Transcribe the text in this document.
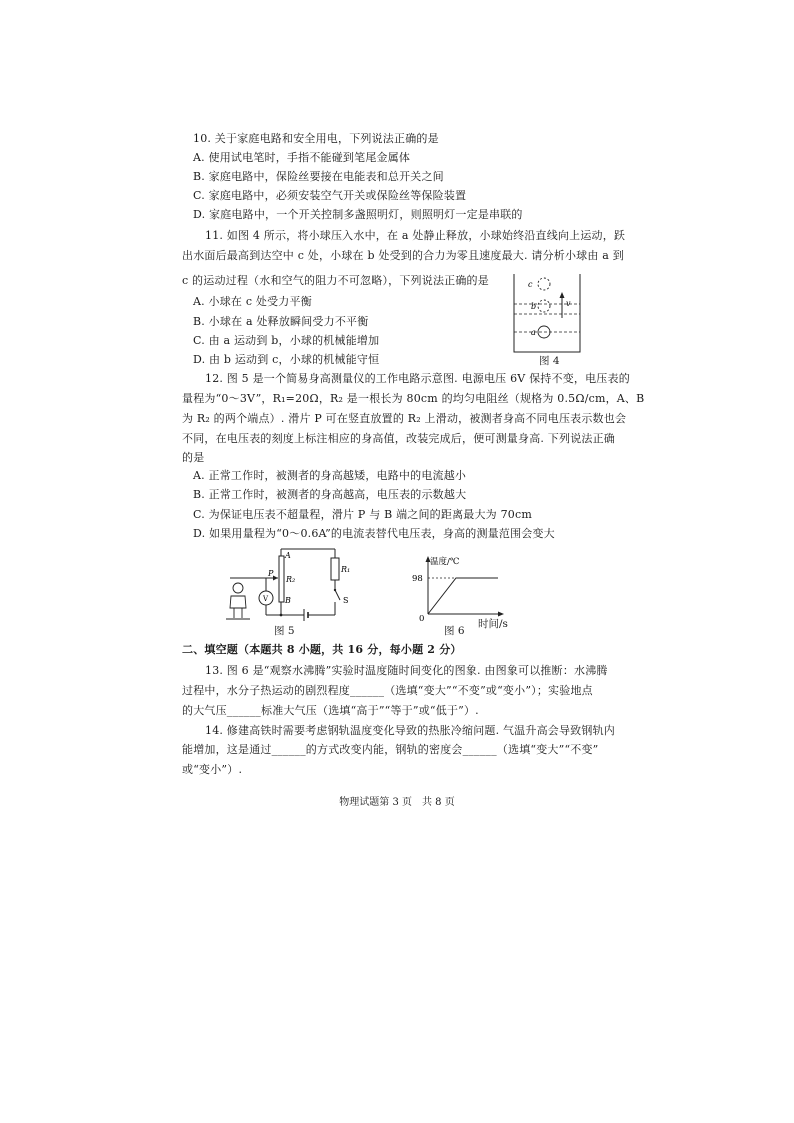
10. 关于家庭电路和安全用电，下列说法正确的是
A. 使用试电笔时，手指不能碰到笔尾金属体
B. 家庭电路中，保险丝要接在电能表和总开关之间
C. 家庭电路中，必须安装空气开关或保险丝等保险装置
D. 家庭电路中，一个开关控制多盏照明灯，则照明灯一定是串联的
11. 如图 4 所示，将小球压入水中，在 a 处静止释放，小球始终沿直线向上运动，跃
出水面后最高到达空中 c 处，小球在 b 处受到的合力为零且速度最大. 请分析小球由 a 到
c 的运动过程（水和空气的阻力不可忽略），下列说法正确的是
A. 小球在 c 处受力平衡
B. 小球在 a 处释放瞬间受力不平衡
C. 由 a 运动到 b，小球的机械能增加
D. 由 b 运动到 c，小球的机械能守恒
c
b
a
v
图 4
12. 图 5 是一个简易身高测量仪的工作电路示意图. 电源电压 6V 保持不变，电压表的
量程为“0～3V”，R₁=20Ω，R₂ 是一根长为 80cm 的均匀电阻丝（规格为 0.5Ω/cm，A、B
为 R₂ 的两个端点）. 滑片 P 可在竖直放置的 R₂ 上滑动，被测者身高不同电压表示数也会
不同，在电压表的刻度上标注相应的身高值，改装完成后，便可测量身高. 下列说法正确
的是
A. 正常工作时，被测者的身高越矮，电路中的电流越小
B. 正常工作时，被测者的身高越高，电压表的示数越大
C. 为保证电压表不超量程，滑片 P 与 B 端之间的距离最大为 70cm
D. 如果用量程为“0～0.6A”的电流表替代电压表，身高的测量范围会变大
A
P
R₂
B
R₁
S
V
图 5
温度/℃
98
0	时间/s
图 6
二、填空题（本题共 8 小题，共 16 分，每小题 2 分）
13. 图 6 是“观察水沸腾”实验时温度随时间变化的图象. 由图象可以推断：水沸腾
过程中，水分子热运动的剧烈程度______（选填“变大”“不变”或“变小”）；实验地点
的大气压______标准大气压（选填“高于”“等于”或“低于”）.
14. 修建高铁时需要考虑钢轨温度变化导致的热胀冷缩问题. 气温升高会导致钢轨内
能增加，这是通过______的方式改变内能，钢轨的密度会______（选填“变大”“不变”
或“变小”）.
物理试题第 3 页　共 8 页
